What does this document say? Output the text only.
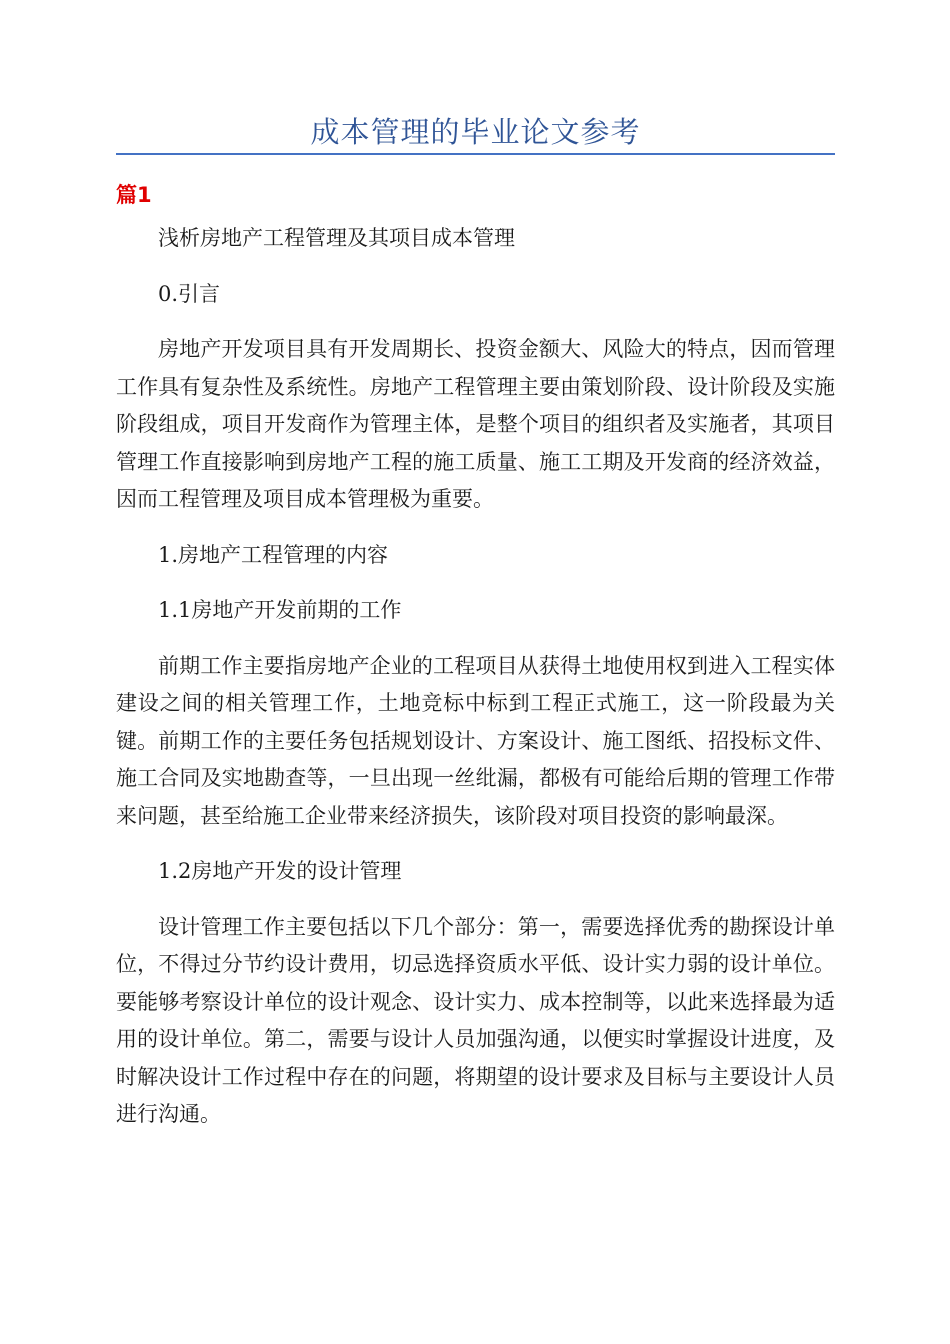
成本管理的毕业论文参考
篇1

浅析房地产工程管理及其项目成本管理

0.引言

房地产开发项目具有开发周期长、投资金额大、风险大的特点，因而管理工作具有复杂性及系统性。房地产工程管理主要由策划阶段、设计阶段及实施阶段组成，项目开发商作为管理主体，是整个项目的组织者及实施者，其项目管理工作直接影响到房地产工程的施工质量、施工工期及开发商的经济效益，因而工程管理及项目成本管理极为重要。

1.房地产工程管理的内容

1.1房地产开发前期的工作

前期工作主要指房地产企业的工程项目从获得土地使用权到进入工程实体建设之间的相关管理工作，土地竞标中标到工程正式施工，这一阶段最为关键。前期工作的主要任务包括规划设计、方案设计、施工图纸、招投标文件、施工合同及实地勘查等，一旦出现一丝纰漏，都极有可能给后期的管理工作带来问题，甚至给施工企业带来经济损失，该阶段对项目投资的影响最深。

1.2房地产开发的设计管理

设计管理工作主要包括以下几个部分：第一，需要选择优秀的勘探设计单位，不得过分节约设计费用，切忌选择资质水平低、设计实力弱的设计单位。要能够考察设计单位的设计观念、设计实力、成本控制等，以此来选择最为适用的设计单位。第二，需要与设计人员加强沟通，以便实时掌握设计进度，及时解决设计工作过程中存在的问题，将期望的设计要求及目标与主要设计人员进行沟通。
